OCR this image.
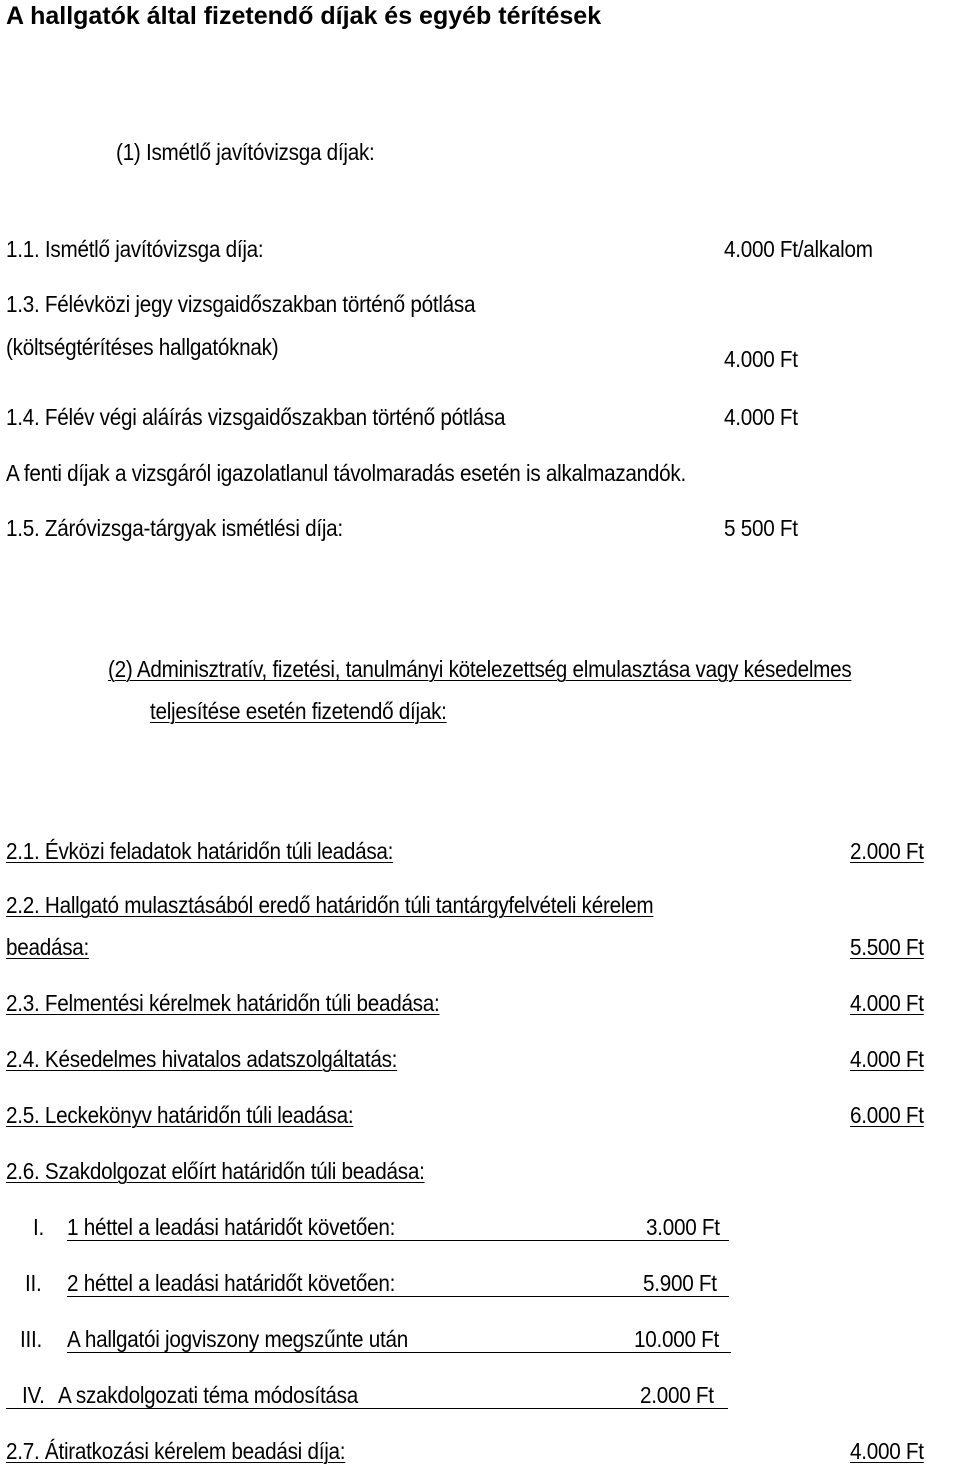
A hallgatók által fizetendő díjak és egyéb térítések
(1) Ismétlő javítóvizsga díjak:
1.1. Ismétlő javítóvizsga díja:	4.000 Ft/alkalom
1.3. Félévközi jegy vizsgaidőszakban történő pótlása
(költségtérítéses hallgatóknak)	4.000 Ft
1.4. Félév végi aláírás vizsgaidőszakban történő pótlása	4.000 Ft
A fenti díjak a vizsgáról igazolatlanul távolmaradás esetén is alkalmazandók.
1.5. Záróvizsga-tárgyak ismétlési díja:	5 500 Ft
(2) Adminisztratív, fizetési, tanulmányi kötelezettség elmulasztása vagy késedelmes
teljesítése esetén fizetendő díjak:
2.1. Évközi feladatok határidőn túli leadása:	2.000 Ft
2.2. Hallgató mulasztásából eredő határidőn túli tantárgyfelvételi kérelem
beadása:	5.500 Ft
2.3. Felmentési kérelmek határidőn túli beadása:	4.000 Ft
2.4. Késedelmes hivatalos adatszolgáltatás:	4.000 Ft
2.5. Leckekönyv határidőn túli leadása:	6.000 Ft
2.6. Szakdolgozat előírt határidőn túli beadása:
I. 1 héttel a leadási határidőt követően:	3.000 Ft
II. 2 héttel a leadási határidőt követően:	5.900 Ft
III. A hallgatói jogviszony megszűnte után	10.000 Ft
IV. A szakdolgozati téma módosítása	2.000 Ft
2.7. Átiratkozási kérelem beadási díja:	4.000 Ft
